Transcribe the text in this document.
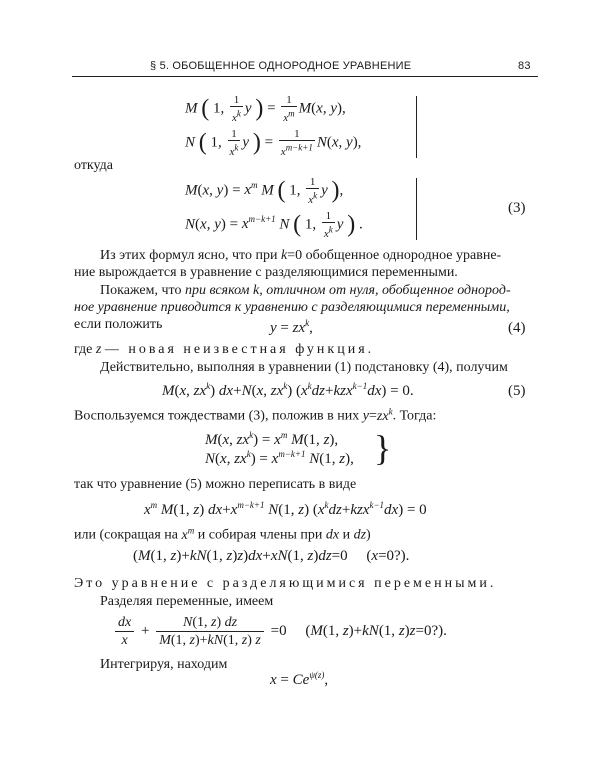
§ 5. ОБОБЩЕННОЕ ОДНОРОДНОЕ УРАВНЕНИЕ	83
M ( 1, $\frac{1}{x^k}$ y ) = $\frac{1}{x^m} M(x$, y),
N ( 1, $\frac{1}{x^k}$ y ) = $\frac{1}{x^{m-k+1}} N(x$, y),
откуда
M(x, $y) = x^m$ M ( 1, $\frac{1}{x^k}$ y ),
N(x, $y) = x^{m-k+1}$ N ( 1, $\frac{1}{x^k}$ y ) .
(3)
Из этих формул ясно, что при k=0 обобщенное однородное уравне-
ние вырождается в уравнение с разделяющимися переменными.
Покажем, что при всяком k, отличном от нуля, обобщенное однород-
ное уравнение приводится к уравнению с разделяющимися переменными,
если положить	$y = zx^k$,	(4)
где z — новая неизвестная функция.
Действительно, выполняя в уравнении (1) подстановку (4), получим
M(x, $zx^k$) dx+N(x, $zx^k$) $(x^kdz+kzx^{k-1}dx) = 0$.	(5)
Воспользуемся тождествами (3), положив в них $y=zx^k$. Тогда:
M(x, $zx^k) = x^m$ M(1, z),
N(x, $zx^k) = x^{m-k+1}$ N(1, z), }
так что уравнение (5) можно переписать в виде
$x^m$ M(1, z) $dx+x^{m-k+1}$ N(1, z) $(x^kdz+kzx^{k-1}dx) = 0$
или (сокращая на $x^m$ и собирая члены при dx и dz)
(M(1, z)+kN(1, z)z)dx+xN(1, z)dz=0     (x=0?).
Это уравнение с разделяющимися переменными.
Разделяя переменные, имеем
$\frac{dx}{x} + \frac{N(1, z) dz}{M(1, z)+kN(1, z) z} =0$     (M(1, z)+kN(1, z)z=0?).
Интегрируя, находим
$x = Ce^{\psi(z)}$,
